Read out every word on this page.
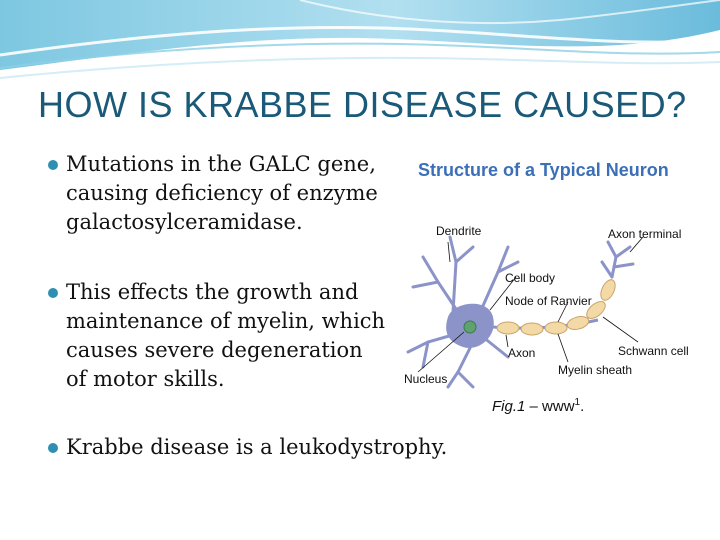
HOW IS KRABBE DISEASE CAUSED?
Mutations in the GALC gene, causing deficiency of enzyme galactosylceramidase.
This effects the growth and maintenance of myelin, which causes severe degeneration of motor skills.
Krabbe disease is a leukodystrophy.
Structure of a Typical Neuron
Dendrite	Axon terminal
Cell body
Node of Ranvier
Axon	Schwann cell
Nucleus
Myelin sheath
Fig.1 – www$^1$.
